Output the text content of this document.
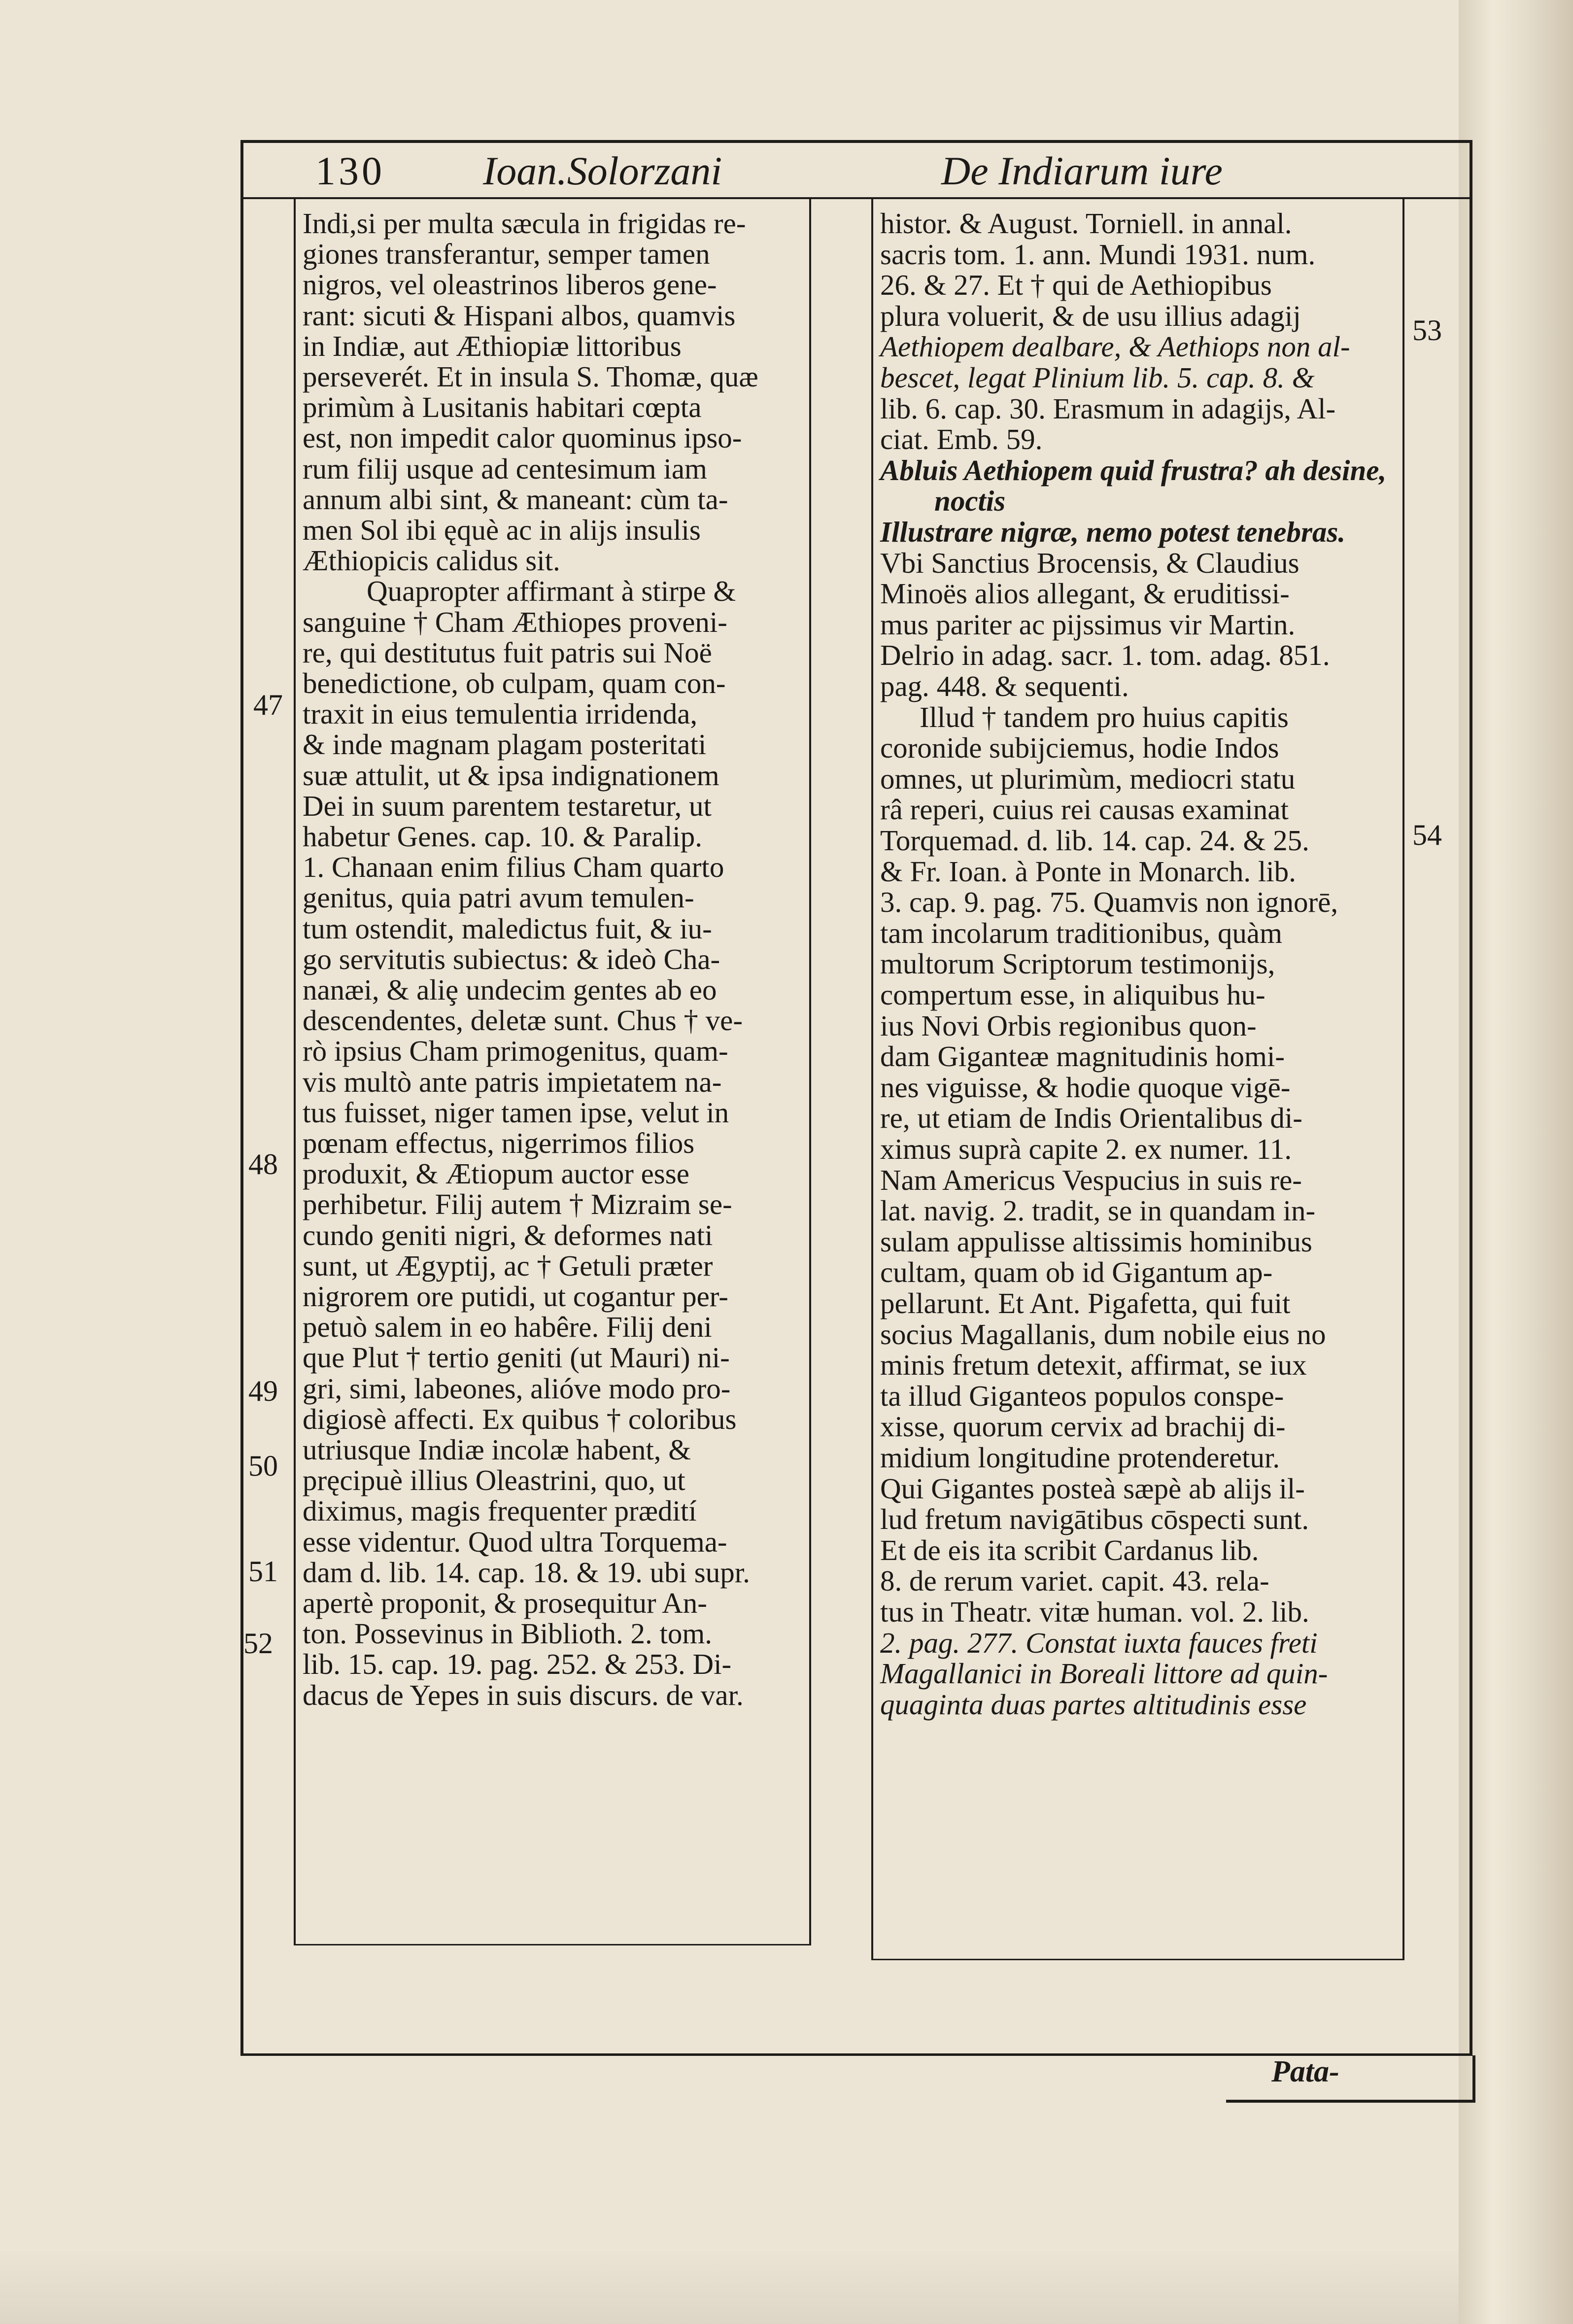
130 Ioan.Solorzani	De Indiarum iure
Indi,si per multa sæcula in frigidas re-
giones transferantur, semper tamen
nigros, vel oleastrinos liberos gene-
rant: sicuti & Hispani albos, quamvis
in Indiæ, aut Æthiopiæ littoribus
perseverét. Et in insula S. Thomæ, quæ
primùm à Lusitanis habitari cœpta
est, non impedit calor quominus ipso-
rum filij usque ad centesimum iam
annum albi sint, & maneant: cùm ta-
men Sol ibi ęquè ac in alijs insulis
Æthiopicis calidus sit.
Quapropter affirmant à stirpe &
sanguine † Cham Æthiopes proveni-
re, qui destitutus fuit patris sui Noë
benedictione, ob culpam, quam con-
traxit in eius temulentia irridenda,
& inde magnam plagam posteritati
suæ attulit, ut & ipsa indignationem
Dei in suum parentem testaretur, ut
habetur Genes. cap. 10. & Paralip.
1. Chanaan enim filius Cham quarto
genitus, quia patri avum temulen-
tum ostendit, maledictus fuit, & iu-
go servitutis subiectus: & ideò Cha-
nanæi, & aliȩ undecim gentes ab eo
descendentes, deletæ sunt. Chus † ve-
rò ipsius Cham primogenitus, quam-
vis multò ante patris impietatem na-
tus fuisset, niger tamen ipse, velut in
pœnam effectus, nigerrimos filios
produxit, & Ætiopum auctor esse
perhibetur. Filij autem † Mizraim se-
cundo geniti nigri, & deformes nati
sunt, ut Ægyptij, ac † Getuli præter
nigrorem ore putidi, ut cogantur per-
petuò salem in eo habêre. Filij deni
que Plut † tertio geniti (ut Mauri) ni-
gri, simi, labeones, alióve modo pro-
digiosè affecti. Ex quibus † coloribus
utriusque Indiæ incolæ habent, &
pręcipuè illius Oleastrini, quo, ut
diximus, magis frequenter prædití
esse videntur. Quod ultra Torquema-
dam d. lib. 14. cap. 18. & 19. ubi supr.
apertè proponit, & prosequitur An-
ton. Possevinus in Biblioth. 2. tom.
lib. 15. cap. 19. pag. 252. & 253. Di-
dacus de Yepes in suis discurs. de var.
histor. & August. Torniell. in annal.
sacris tom. 1. ann. Mundi 1931. num.
26. & 27. Et † qui de Aethiopibus
plura voluerit, & de usu illius adagij
Aethiopem dealbare, & Aethiops non al-
bescet, legat Plinium lib. 5. cap. 8. &
lib. 6. cap. 30. Erasmum in adagijs, Al-
ciat. Emb. 59.
Abluis Aethiopem quid frustra? ah desine,
noctis
Illustrare nigræ, nemo potest tenebras.
Vbi Sanctius Brocensis, & Claudius
Minoës alios allegant, & eruditissi-
mus pariter ac pijssimus vir Martin.
Delrio in adag. sacr. 1. tom. adag. 851.
pag. 448. & sequenti.
Illud † tandem pro huius capitis
coronide subijciemus, hodie Indos
omnes, ut plurimùm, mediocri statu
râ reperi, cuius rei causas examinat
Torquemad. d. lib. 14. cap. 24. & 25.
& Fr. Ioan. à Ponte in Monarch. lib.
3. cap. 9. pag. 75. Quamvis non ignorē,
tam incolarum traditionibus, quàm
multorum Scriptorum testimonijs,
compertum esse, in aliquibus hu-
ius Novi Orbis regionibus quon-
dam Giganteæ magnitudinis homi-
nes viguisse, & hodie quoque vigē-
re, ut etiam de Indis Orientalibus di-
ximus suprà capite 2. ex numer. 11.
Nam Americus Vespucius in suis re-
lat. navig. 2. tradit, se in quandam in-
sulam appulisse altissimis hominibus
cultam, quam ob id Gigantum ap-
pellarunt. Et Ant. Pigafetta, qui fuit
socius Magallanis, dum nobile eius no
minis fretum detexit, affirmat, se iux
ta illud Giganteos populos conspe-
xisse, quorum cervix ad brachij di-
midium longitudine protenderetur.
Qui Gigantes posteà sæpè ab alijs il-
lud fretum navigātibus cōspecti sunt.
Et de eis ita scribit Cardanus lib.
8. de rerum variet. capit. 43. rela-
tus in Theatr. vitæ human. vol. 2. lib.
2. pag. 277. Constat iuxta fauces freti
Magallanici in Boreali littore ad quin-
quaginta duas partes altitudinis esse
47
48
49
50
51
52
53
54
Pata-
